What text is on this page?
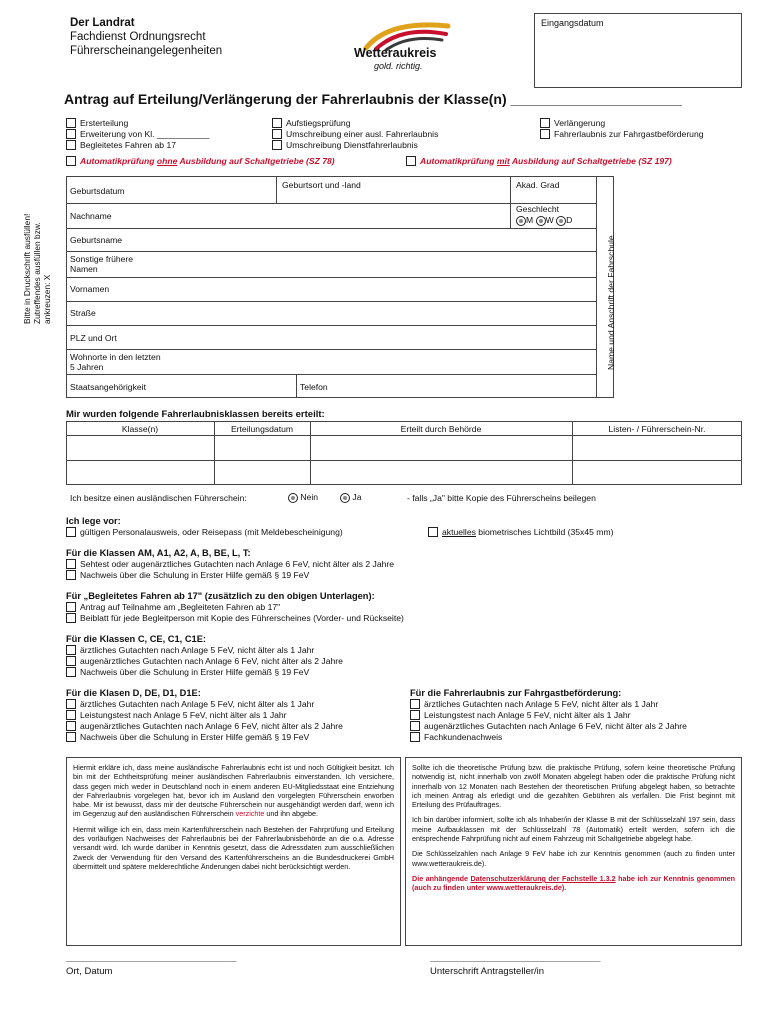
Der Landrat
Fachdienst Ordnungsrecht
Führerscheinangelegenheiten	Wetteraukreis
gold. richtig.
Eingangsdatum
Antrag auf Erteilung/Verlängerung der Fahrerlaubnis der Klasse(n) ______________________
Ersterteilung
Erweiterung von Kl. ___________
Begleitetes Fahren ab 17
Aufstiegsprüfung
Umschreibung einer ausl. Fahrerlaubnis
Umschreibung Dienstfahrerlaubnis
Verlängerung
Fahrerlaubnis zur Fahrgastbeförderung
Automatikprüfung ohne Ausbildung auf Schaltgetriebe (SZ 78)	Automatikprüfung mit Ausbildung auf Schaltgetriebe (SZ 197)
Name und Anschrift der Fahrschule
Bitte in Druckschrift ausfüllen! Zutreffendes ausfüllen bzw. ankreuzen: X
Geburtsdatum
Geburtsort und -land	Akad. Grad
Nachname
Geschlecht
M W D
Geburtsname
Sonstige frühere Namen
Vornamen
Straße
PLZ und Ort
Wohnorte in den letzten 5 Jahren
Staatsangehörigkeit	Telefon
Mir wurden folgende Fahrerlaubnisklassen bereits erteilt:
Klasse(n)	Erteilungsdatum	Erteilt durch Behörde	Listen- / Führerschein-Nr.
Ich besitze einen ausländischen Führerschein:	Nein	Ja	- falls „Ja" bitte Kopie des Führerscheins beilegen
Ich lege vor:
gültigen Personalausweis, oder Reisepass (mit Meldebescheinigung)	aktuelles biometrisches Lichtbild (35x45 mm)
Für die Klassen AM, A1, A2, A, B, BE, L, T:
Sehtest oder augenärztliches Gutachten nach Anlage 6 FeV, nicht älter als 2 Jahre
Nachweis über die Schulung in Erster Hilfe gemäß § 19 FeV
Für „Begleitetes Fahren ab 17" (zusätzlich zu den obigen Unterlagen):
Antrag auf Teilnahme am „Begleiteten Fahren ab 17"
Beiblatt für jede Begleitperson mit Kopie des Führerscheines (Vorder- und Rückseite)
Für die Klassen C, CE, C1, C1E:
ärztliches Gutachten nach Anlage 5 FeV, nicht älter als 1 Jahr
augenärztliches Gutachten nach Anlage 6 FeV, nicht älter als 2 Jahre
Nachweis über die Schulung in Erster Hilfe gemäß § 19 FeV
Für die Klasen D, DE, D1, D1E:
ärztliches Gutachten nach Anlage 5 FeV, nicht älter als 1 Jahr
Leistungstest nach Anlage 5 FeV, nicht älter als 1 Jahr
augenärztliches Gutachten nach Anlage 6 FeV, nicht älter als 2 Jahre
Nachweis über die Schulung in Erster Hilfe gemäß § 19 FeV
Für die Fahrerlaubnis zur Fahrgastbeförderung:
ärztliches Gutachten nach Anlage 5 FeV, nicht älter als 1 Jahr
Leistungstest nach Anlage 5 FeV, nicht älter als 1 Jahr
augenärztliches Gutachten nach Anlage 6 FeV, nicht älter als 2 Jahre
Fachkundenachweis

Hiermit erkläre ich, dass meine ausländische Fahrerlaubnis echt ist und noch Gültigkeit besitzt. Ich bin mit der Echtheitsprüfung meiner ausländischen Fahrerlaubnis einverstanden. Ich versichere, dass gegen mich weder in Deutschland noch in einem anderen EU-Mitgliedsstaat eine Entziehung der Fahrerlaubnis vorgelegen hat, bevor ich im Ausland den vorgelegten Führerschein erworben habe. Mir ist bewusst, dass mir der deutsche Führerschein nur ausgehändigt werden darf, wenn ich im Gegenzug auf den ausländischen Führerschein verzichte und ihn abgebe.

Hiermit willige ich ein, dass mein Kartenführerschein nach Bestehen der Fahrprüfung und Erteilung des vorläufigen Nachweises der Fahrerlaubnis bei der Fahrerlaubnisbehörde an die o.a. Adresse versandt wird. Ich wurde darüber in Kenntnis gesetzt, dass die Adressdaten zum ausschließlichen Zweck der Verwendung für den Versand des Kartenführerscheins an die Bundesdruckerei GmbH übermittelt und spätere melderechtliche Änderungen dabei nicht berücksichtigt werden.

Sollte ich die theoretische Prüfung bzw. die praktische Prüfung, sofern keine theoretische Prüfung notwendig ist, nicht innerhalb von zwölf Monaten abgelegt haben oder die praktische Prüfung nicht innerhalb von 12 Monaten nach Bestehen der theoretischen Prüfung abgelegt haben, so betrachte ich meinen Antrag als erledigt und die gezahlten Gebühren als verfallen. Die Frist beginnt mit Erteilung des Prüfauftrages.

Ich bin darüber informiert, sollte ich als Inhaber/in der Klasse B mit der Schlüsselzahl 197 sein, dass meine Aufbauklassen mit der Schlüsselzahl 78 (Automatik) erteilt werden, sofern ich die entsprechende Fahrprüfung nicht auf einem Fahrzeug mit Schaltgetriebe abgelegt habe.

Die Schlüsselzahlen nach Anlage 9 FeV habe ich zur Kenntnis genommen (auch zu finden unter www.wetteraukreis.de).

Die anhängende Datenschutzerklärung der Fachstelle 1.3.2 habe ich zur Kenntnis genommen (auch zu finden unter www.wetteraukreis.de).

_________________________________________
Ort, Datum
_________________________________________
Unterschrift Antragsteller/in
